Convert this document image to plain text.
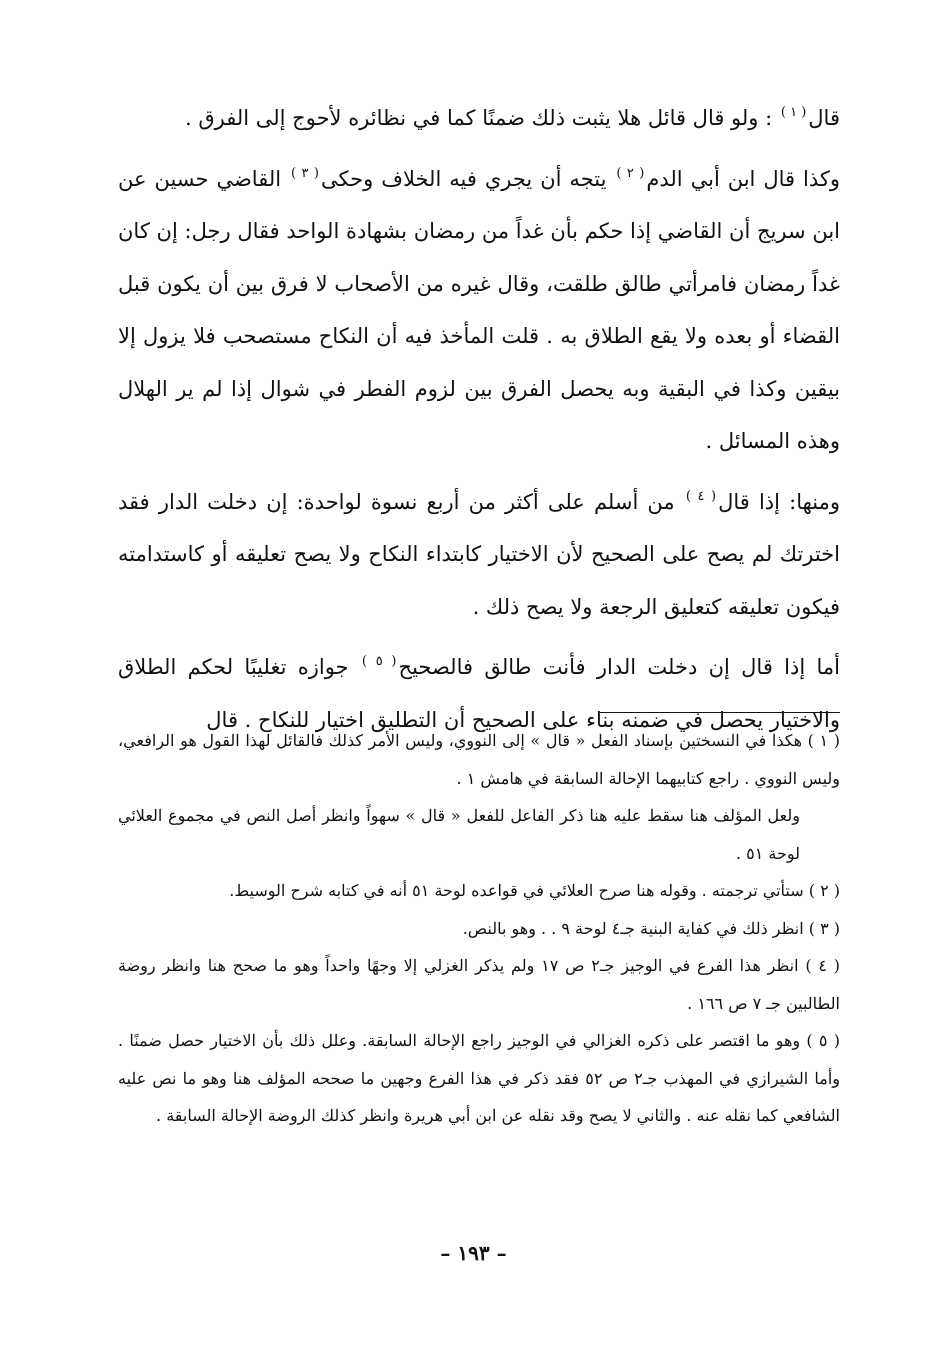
قال$^{( ١ )}$ : ولو قال قائل هلا يثبت ذلك ضمنًا كما في نظائره لأحوج إلى الفرق .

وكذا قال ابن أبي الدم$^{( ٢ )}$ يتجه أن يجري فيه الخلاف وحكى$^{( ٣ )}$ القاضي حسين عن ابن سريج أن القاضي إذا حكم بأن غداً من رمضان بشهادة الواحد فقال رجل: إن كان غداً رمضان فامرأتي طالق طلقت، وقال غيره من الأصحاب لا فرق بين أن يكون قبل القضاء أو بعده ولا يقع الطلاق به . قلت المأخذ فيه أن النكاح مستصحب فلا يزول إلا بيقين وكذا في البقية وبه يحصل الفرق بين لزوم الفطر في شوال إذا لم ير الهلال وهذه المسائل .

ومنها: إذا قال$^{( ٤ )}$ من أسلم على أكثر من أربع نسوة لواحدة: إن دخلت الدار فقد اخترتك لم يصح على الصحيح لأن الاختيار كابتداء النكاح ولا يصح تعليقه أو كاستدامته فيكون تعليقه كتعليق الرجعة ولا يصح ذلك .

أما إذا قال إن دخلت الدار فأنت طالق فالصحيح$^{( ٥ )}$ جوازه تغليبًا لحكم الطلاق والاختيار يحصل في ضمنه بناء على الصحيح أن التطليق اختيار للنكاح . قال

( ١ ) هكذا في النسختين بإسناد الفعل « قال » إلى النووي، وليس الأمر كذلك فالقائل لهذا القول هو الرافعي، وليس النووي . راجع كتابيهما الإحالة السابقة في هامش ١ .

ولعل المؤلف هنا سقط عليه هنا ذكر الفاعل للفعل « قال » سهواً وانظر أصل النص في مجموع العلائي لوحة ٥١ .

( ٢ ) ستأتي ترجمته . وقوله هنا صرح العلائي في قواعده لوحة ٥١ أنه في كتابه شرح الوسيط.

( ٣ ) انظر ذلك في كفاية البنية جـ٤ لوحة ٩ . . وهو بالنص.

( ٤ ) انظر هذا الفرع في الوجيز جـ٢ ص ١٧ ولم يذكر الغزلي إلا وجهًا واحداً وهو ما صحح هنا وانظر روضة الطالبين جـ ٧ ص ١٦٦ .

( ٥ ) وهو ما اقتصر على ذكره الغزالي في الوجيز راجع الإحالة السابقة. وعلل ذلك بأن الاختيار حصل ضمنًا . وأما الشيرازي في المهذب جـ٢ ص ٥٢ فقد ذكر في هذا الفرع وجهين ما صححه المؤلف هنا وهو ما نص عليه الشافعي كما نقله عنه . والثاني لا يصح وقد نقله عن ابن أبي هريرة وانظر كذلك الروضة الإحالة السابقة .

– ١٩٣ –
